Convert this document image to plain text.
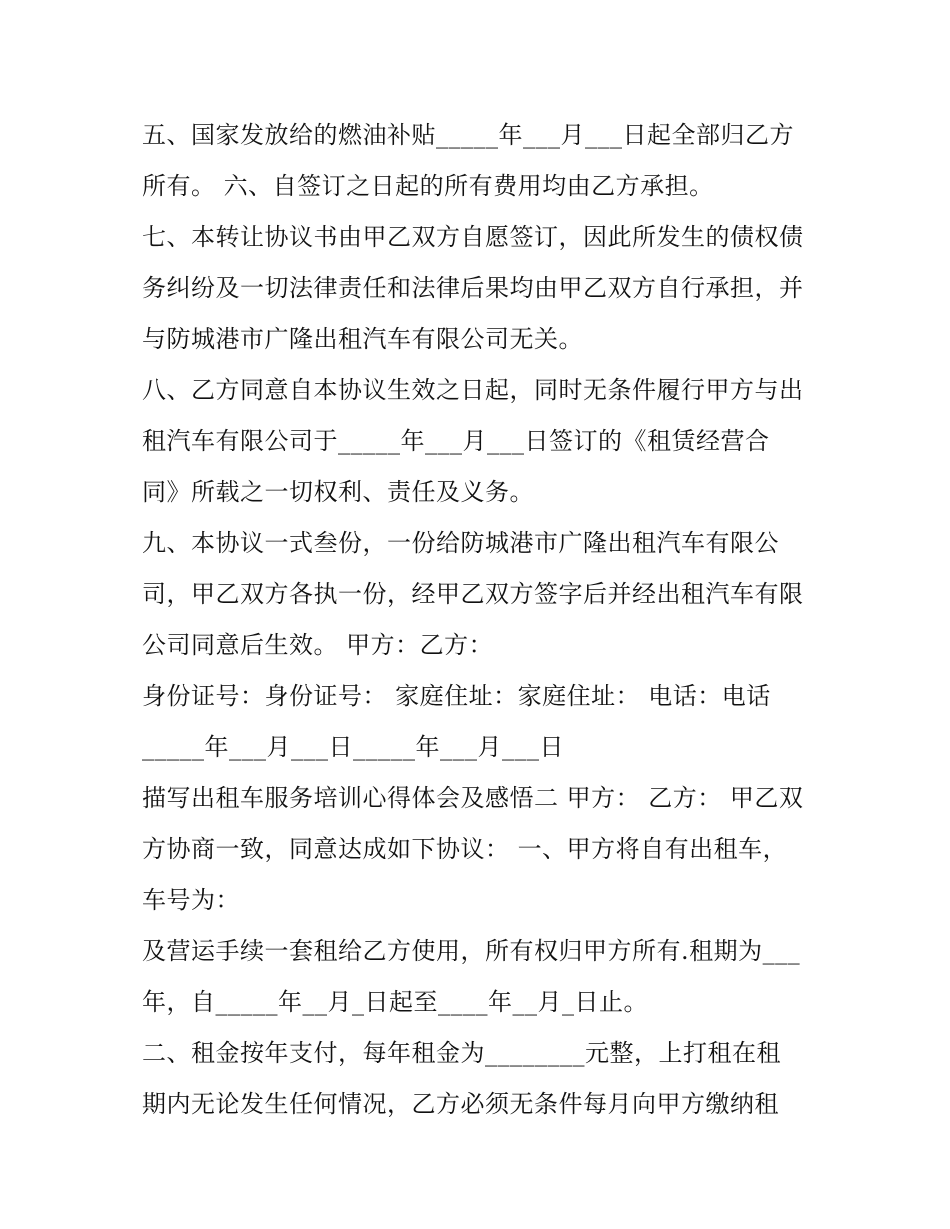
五、国家发放给的燃油补贴_____年___月___日起全部归乙方
所有。 六、自签订之日起的所有费用均由乙方承担。
七、本转让协议书由甲乙双方自愿签订，因此所发生的债权债
务纠纷及一切法律责任和法律后果均由甲乙双方自行承担，并
与防城港市广隆出租汽车有限公司无关。
八、乙方同意自本协议生效之日起，同时无条件履行甲方与出
租汽车有限公司于_____年___月___日签订的《租赁经营合
同》所载之一切权利、责任及义务。
九、本协议一式叁份，一份给防城港市广隆出租汽车有限公
司，甲乙双方各执一份，经甲乙双方签字后并经出租汽车有限
公司同意后生效。 甲方：乙方：
身份证号：身份证号： 家庭住址：家庭住址： 电话：电话
_____年___月___日_____年___月___日
描写出租车服务培训心得体会及感悟二 甲方： 乙方： 甲乙双
方协商一致，同意达成如下协议： 一、甲方将自有出租车，
车号为：
及营运手续一套租给乙方使用，所有权归甲方所有.租期为___
年，自_____年__月_日起至____年__月_日止。
二、租金按年支付，每年租金为________元整，上打租在租
期内无论发生任何情况，乙方必须无条件每月向甲方缴纳租
